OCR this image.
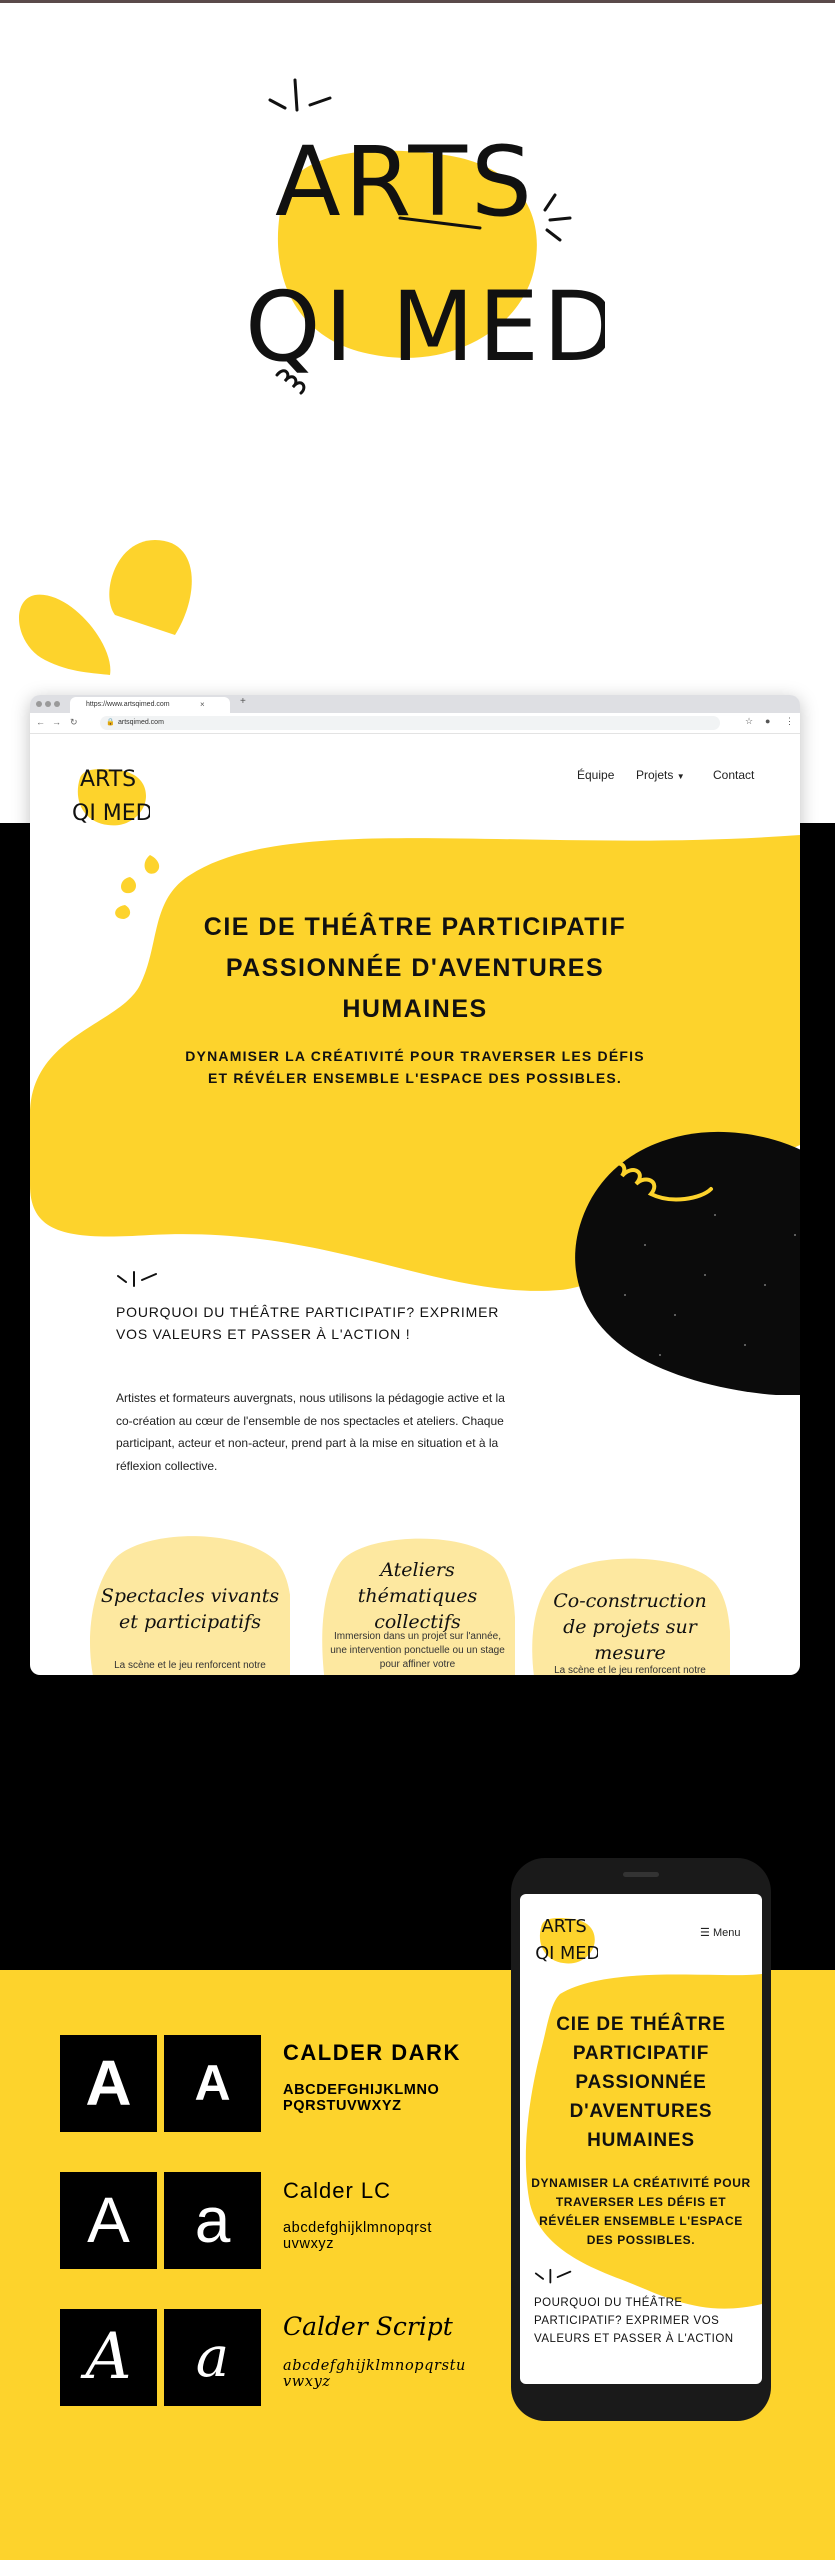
ARTS
QI MED
https://www.artsqimed.com	×	+
← → ↻	🔒 artsqimed.com	☆ ● ⋮
ARTS
QI MED
Équipe Projets ▼ Contact
CIE DE THÉÂTRE PARTICIPATIF PASSIONNÉE D'AVENTURES HUMAINES
DYNAMISER LA CRÉATIVITÉ POUR TRAVERSER LES DÉFIS ET RÉVÉLER ENSEMBLE L'ESPACE DES POSSIBLES.
POURQUOI DU THÉÂTRE PARTICIPATIF? EXPRIMER VOS VALEURS ET PASSER À L'ACTION !
Artistes et formateurs auvergnats, nous utilisons la pédagogie active et la co-création au cœur de l'ensemble de nos spectacles et ateliers. Chaque participant, acteur et non-acteur, prend part à la mise en situation et à la réflexion collective.
Spectacles vivants et participatifs
La scène et le jeu renforcent notre
Ateliers thématiques collectifs
Immersion dans un projet sur l'année, une intervention ponctuelle ou un stage pour affiner votre
Co-construction de projets sur mesure
La scène et le jeu renforcent notre
ARTS
QI MED
☰ Menu
CIE DE THÉÂTRE PARTICIPATIF PASSIONNÉE D'AVENTURES HUMAINES
DYNAMISER LA CRÉATIVITÉ POUR TRAVERSER LES DÉFIS ET RÉVÉLER ENSEMBLE L'ESPACE DES POSSIBLES.
POURQUOI DU THÉÂTRE PARTICIPATIF? EXPRIMER VOS VALEURS ET PASSER À L'ACTION
A	A
CALDER DARK
ABCDEFGHIJKLMNO PQRSTUVWXYZ
A	a	Calder LC
abcdefghijklmnopqrst uvwxyz
A	a	Calder Script
abcdefghijklmnopqrstu vwxyz
